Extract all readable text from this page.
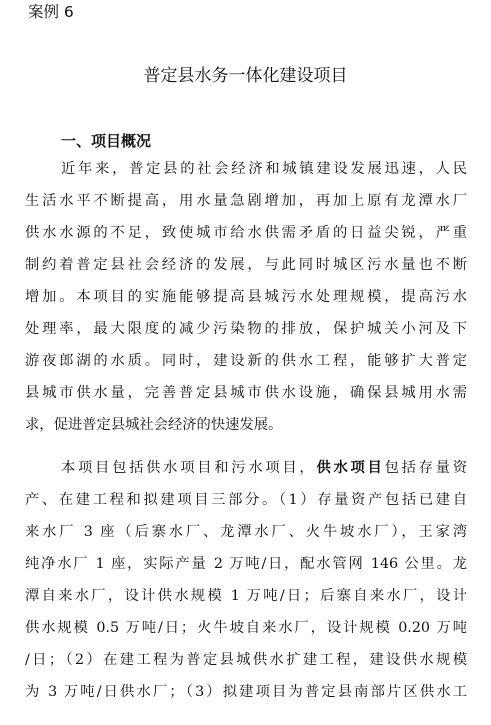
案例 6
普定县水务一体化建设项目
一、项目概况
近年来，普定县的社会经济和城镇建设发展迅速，人民
生活水平不断提高，用水量急剧增加，再加上原有龙潭水厂
供水水源的不足，致使城市给水供需矛盾的日益尖锐，严重
制约着普定县社会经济的发展，与此同时城区污水量也不断
增加。本项目的实施能够提高县城污水处理规模，提高污水
处理率，最大限度的减少污染物的排放，保护城关小河及下
游夜郎湖的水质。同时，建设新的供水工程，能够扩大普定
县城市供水量，完善普定县城市供水设施，确保县城用水需
求，促进普定县城社会经济的快速发展。
本项目包括供水项目和污水项目，供水项目包括存量资
产、在建工程和拟建项目三部分。（1）存量资产包括已建自
来水厂 3 座（后寨水厂、龙潭水厂、火牛坡水厂），王家湾
纯净水厂 1 座，实际产量 2 万吨/日，配水管网 146 公里。龙
潭自来水厂，设计供水规模 1 万吨/日；后寨自来水厂，设计
供水规模 0.5 万吨/日；火牛坡自来水厂，设计规模 0.20 万吨
/日；（2）在建工程为普定县城供水扩建工程，建设供水规模
为 3 万吨/日供水厂；（3）拟建项目为普定县南部片区供水工
